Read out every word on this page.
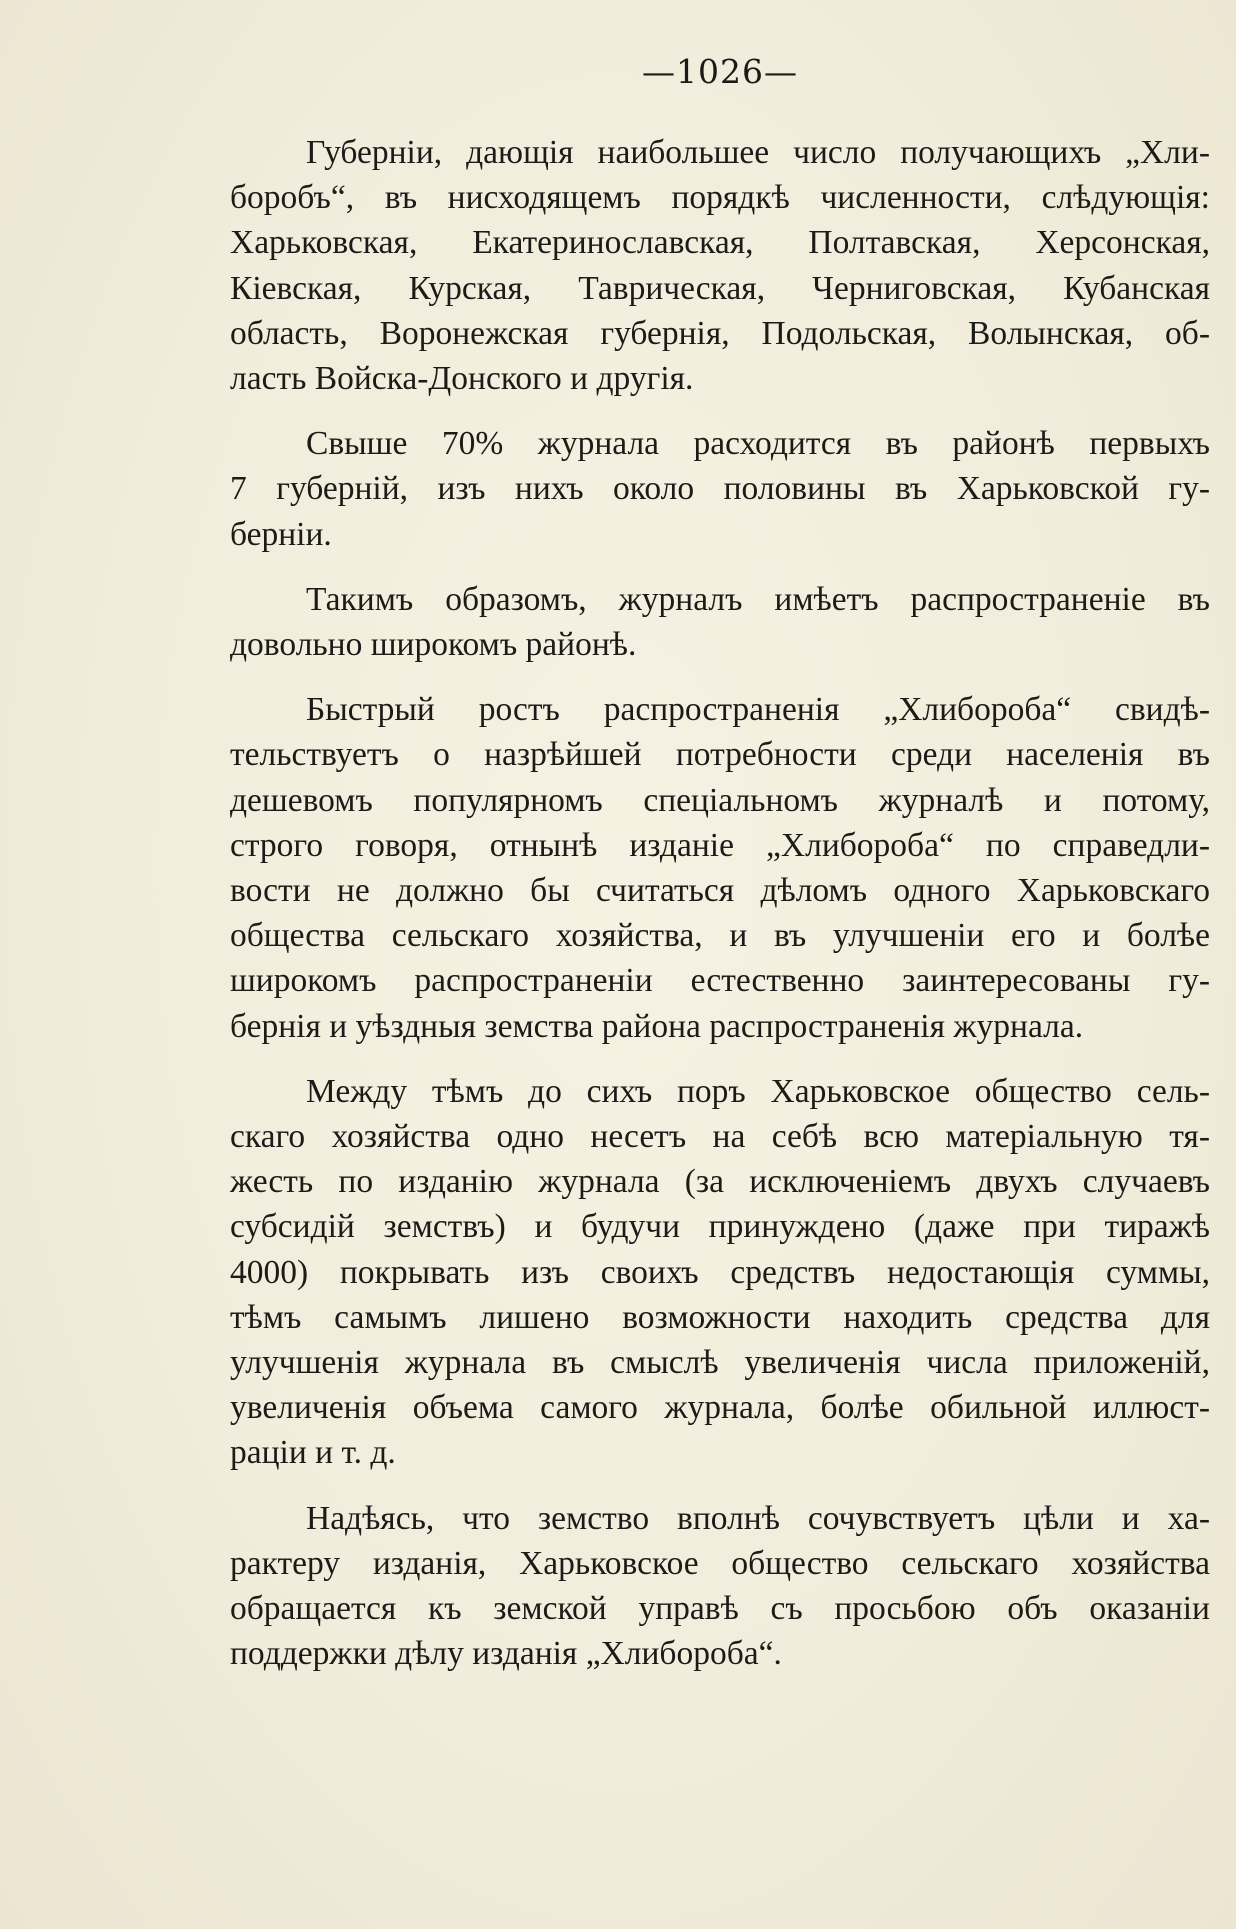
—1026—
Губерніи, дающія наибольшее число получающихъ „Хли-
боробъ“, въ нисходящемъ порядкѣ численности, слѣдующія:
Харьковская, Екатеринославская, Полтавская, Херсонская,
Кіевская, Курская, Таврическая, Черниговская, Кубанская
область, Воронежская губернія, Подольская, Волынская, об-
ласть Войска-Донского и другія.
Свыше 70% журнала расходится въ районѣ первыхъ
7 губерній, изъ нихъ около половины въ Харьковской гу-
берніи.
Такимъ образомъ, журналъ имѣетъ распространеніе въ
довольно широкомъ районѣ.
Быстрый ростъ распространенія „Хлибороба“ свидѣ-
тельствуетъ о назрѣйшей потребности среди населенія въ
дешевомъ популярномъ спеціальномъ журналѣ и потому,
строго говоря, отнынѣ изданіе „Хлибороба“ по справедли-
вости не должно бы считаться дѣломъ одного Харьковскаго
общества сельскаго хозяйства, и въ улучшеніи его и болѣе
широкомъ распространеніи естественно заинтересованы гу-
бернія и уѣздныя земства района распространенія журнала.
Между тѣмъ до сихъ поръ Харьковское общество сель-
скаго хозяйства одно несетъ на себѣ всю матеріальную тя-
жесть по изданію журнала (за исключеніемъ двухъ случаевъ
субсидій земствъ) и будучи принуждено (даже при тиражѣ
4000) покрывать изъ своихъ средствъ недостающія суммы,
тѣмъ самымъ лишено возможности находить средства для
улучшенія журнала въ смыслѣ увеличенія числа приложеній,
увеличенія объема самого журнала, болѣе обильной иллюст-
раціи и т. д.
Надѣясь, что земство вполнѣ сочувствуетъ цѣли и ха-
рактеру изданія, Харьковское общество сельскаго хозяйства
обращается къ земской управѣ съ просьбою объ оказаніи
поддержки дѣлу изданія „Хлибороба“.
